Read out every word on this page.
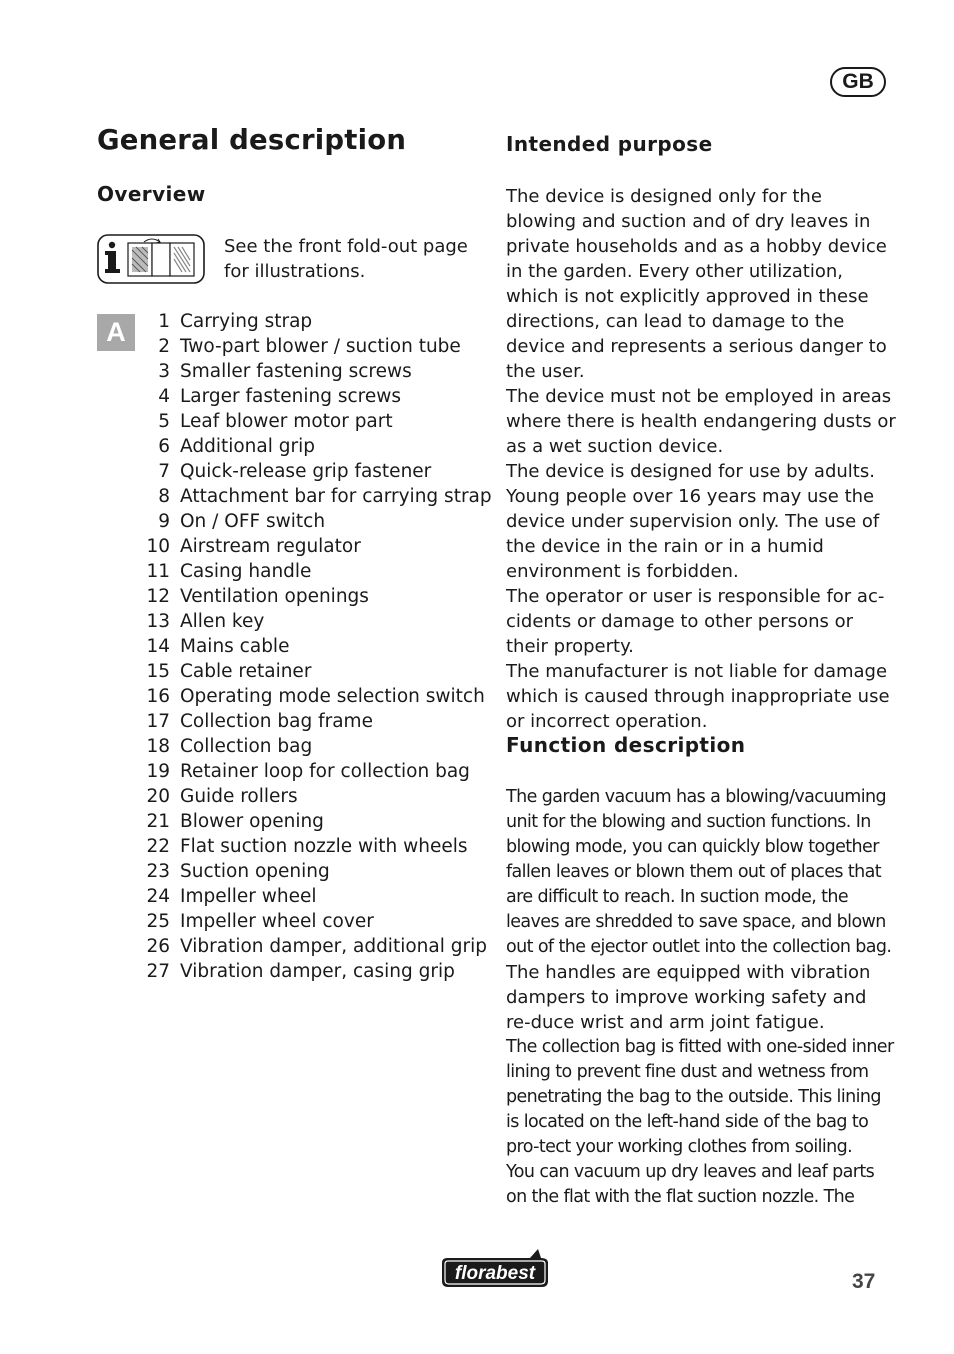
GB
General description
Overview
See the front fold-out page for illustrations.
A	1 Carrying strap
2 Two-part blower / suction tube
3 Smaller fastening screws
4 Larger fastening screws
5 Leaf blower motor part
6 Additional grip
7 Quick-release grip fastener
8 Attachment bar for carrying strap
9 On / OFF switch
10 Airstream regulator
11 Casing handle
12 Ventilation openings
13 Allen key
14 Mains cable
15 Cable retainer
16 Operating mode selection switch
17 Collection bag frame
18 Collection bag
19 Retainer loop for collection bag
20 Guide rollers
21 Blower opening
22 Flat suction nozzle with wheels
23 Suction opening
24 Impeller wheel
25 Impeller wheel cover
26 Vibration damper, additional grip
27 Vibration damper, casing grip
Intended purpose

The device is designed only for the blowing and suction and of dry leaves in private households and as a hobby device in the garden. Every other utilization, which is not explicitly approved in these directions, can lead to damage to the device and represents a serious danger to the user.

The device must not be employed in areas where there is health endangering dusts or as a wet suction device.

The device is designed for use by adults. Young people over 16 years may use the device under supervision only. The use of the device in the rain or in a humid environment is forbidden.

The operator or user is responsible for ac-cidents or damage to other persons or their property.

The manufacturer is not liable for damage which is caused through inappropriate use or incorrect operation.

Function description

The garden vacuum has a blowing/vacuuming unit for the blowing and suction functions. In blowing mode, you can quickly blow together fallen leaves or blown them out of places that are difficult to reach. In suction mode, the leaves are shredded to save space, and blown out of the ejector outlet into the collection bag.

The handles are equipped with vibration dampers to improve working safety and re-duce wrist and arm joint fatigue.

The collection bag is fitted with one-sided inner lining to prevent fine dust and wetness from penetrating the bag to the outside. This lining is located on the left-hand side of the bag to pro-tect your working clothes from soiling.

You can vacuum up dry leaves and leaf parts on the flat with the flat suction nozzle. The

florabest	37
